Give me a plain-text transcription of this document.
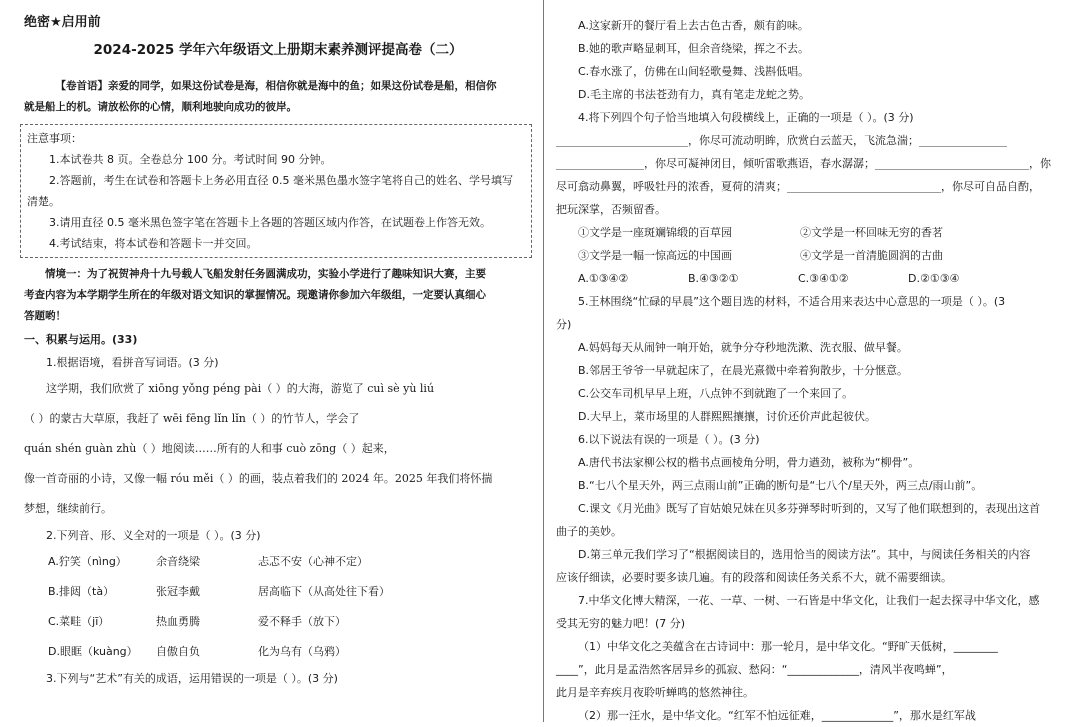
绝密★启用前

2024-2025 学年六年级语文上册期末素养测评提高卷（二）

【卷首语】亲爱的同学，如果这份试卷是海，相信你就是海中的鱼；如果这份试卷是船，相信你

就是船上的机。请放松你的心情，顺利地驶向成功的彼岸。

注意事项：

1.本试卷共 8 页。全卷总分 100 分。考试时间 90 分钟。

2.答题前，考生在试卷和答题卡上务必用直径 0.5 毫米黑色墨水签字笔将自己的姓名、学号填写

清楚。

3.请用直径 0.5 毫米黑色签字笔在答题卡上各题的答题区域内作答，在试题卷上作答无效。

4.考试结束，将本试卷和答题卡一并交回。

情境一：为了祝贺神舟十九号载人飞船发射任务圆满成功，实验小学进行了趣味知识大赛，主要

考查内容为本学期学生所在的年级对语文知识的掌握情况。现邀请你参加六年级组，一定要认真细心

答题哟！

一、积累与运用。(33)

1.根据语境，看拼音写词语。(3 分)

这学期，我们欣赏了 xiōng yǒng péng pài（ ）的大海，游览了 cuì sè yù liú

（ ）的蒙古大草原，我赶了 wēi fēng lǐn lǐn（ ）的竹节人，学会了

quán shén guàn zhù（ ）地阅读……所有的人和事 cuò zōng（ ）起来，

像一首奇丽的小诗，又像一幅 róu měi（ ）的画，装点着我们的 2024 年。2025 年我们将怀揣

梦想，继续前行。

2.下列音、形、义全对的一项是（ ）。(3 分)

A.狞笑（nìng）	余音绕梁	忐忑不安（心神不定）
B.排闼（tà）	张冠李戴	居高临下（从高处往下看）
C.菜畦（jī）	热血勇腾	爱不释手（放下）
D.眼眶（kuàng）	自傲自负	化为乌有（乌鸦）

3.下列与“艺术”有关的成语，运用错误的一项是（ ）。(3 分)

A.这家新开的餐厅看上去古色古香，颇有韵味。

B.她的歌声略显刺耳，但余音绕梁，挥之不去。

C.春水涨了，仿佛在山间轻歌曼舞、浅斟低唱。

D.毛主席的书法苍劲有力，真有笔走龙蛇之势。

4.将下列四个句子恰当地填入句段横线上，正确的一项是（ ）。(3 分)

________________________，你尽可流动明眸，欣赏白云蓝天，飞流急湍；________________

________________，你尽可凝神闭目，倾听雷歌燕语，春水潺潺；____________________________，你

尽可翕动鼻翼，呼吸牡丹的浓香，夏荷的清爽；____________________________，你尽可自品自酌，

把玩深掌，否频留香。

①文学是一座斑斓锦缎的百草园	②文学是一杯回味无穷的香茗
③文学是一幅一惊高远的中国画	④文学是一首清脆圆润的古曲
A.①③④②	B.④③②①	C.③④①②	D.②①③④

5.王林围绕“忙碌的早晨”这个题目选的材料，不适合用来表达中心意思的一项是（ ）。(3

分)

A.妈妈每天从闹钟一响开始，就争分夺秒地洗漱、洗衣服、做早餐。

B.邻居王爷爷一早就起床了，在晨光熹微中牵着狗散步，十分惬意。

C.公交车司机早早上班，八点钟不到就跑了一个来回了。

D.大早上，菜市场里的人群熙熙攘攘，讨价还价声此起彼伏。

6.以下说法有误的一项是（ ）。(3 分)

A.唐代书法家柳公权的楷书点画棱角分明，骨力遒劲，被称为“柳骨”。

B.“七八个星天外，两三点雨山前”正确的断句是“七八个/星天外，两三点/雨山前”。

C.课文《月光曲》既写了盲姑娘兄妹在贝多芬弹琴时听到的，又写了他们联想到的，表现出这首

曲子的美妙。

D.第三单元我们学习了“根据阅读目的，选用恰当的阅读方法”。其中，与阅读任务相关的内容

应该仔细读，必要时要多读几遍。有的段落和阅读任务关系不大，就不需要细读。

7.中华文化博大精深，一花、一草、一树、一石皆是中华文化，让我们一起去探寻中华文化，感

受其无穷的魅力吧！(7 分)

（1）中华文化之美蕴含在古诗词中：那一轮月，是中华文化。“野旷天低树，________

____”，此月是孟浩然客居异乡的孤寂、愁闷：“_____________，清风半夜鸣蝉”，

此月是辛弃疾月夜聆听蝉鸣的悠然神往。

（2）那一汪水，是中华文化。“红军不怕远征难，_____________”，那水是红军战
